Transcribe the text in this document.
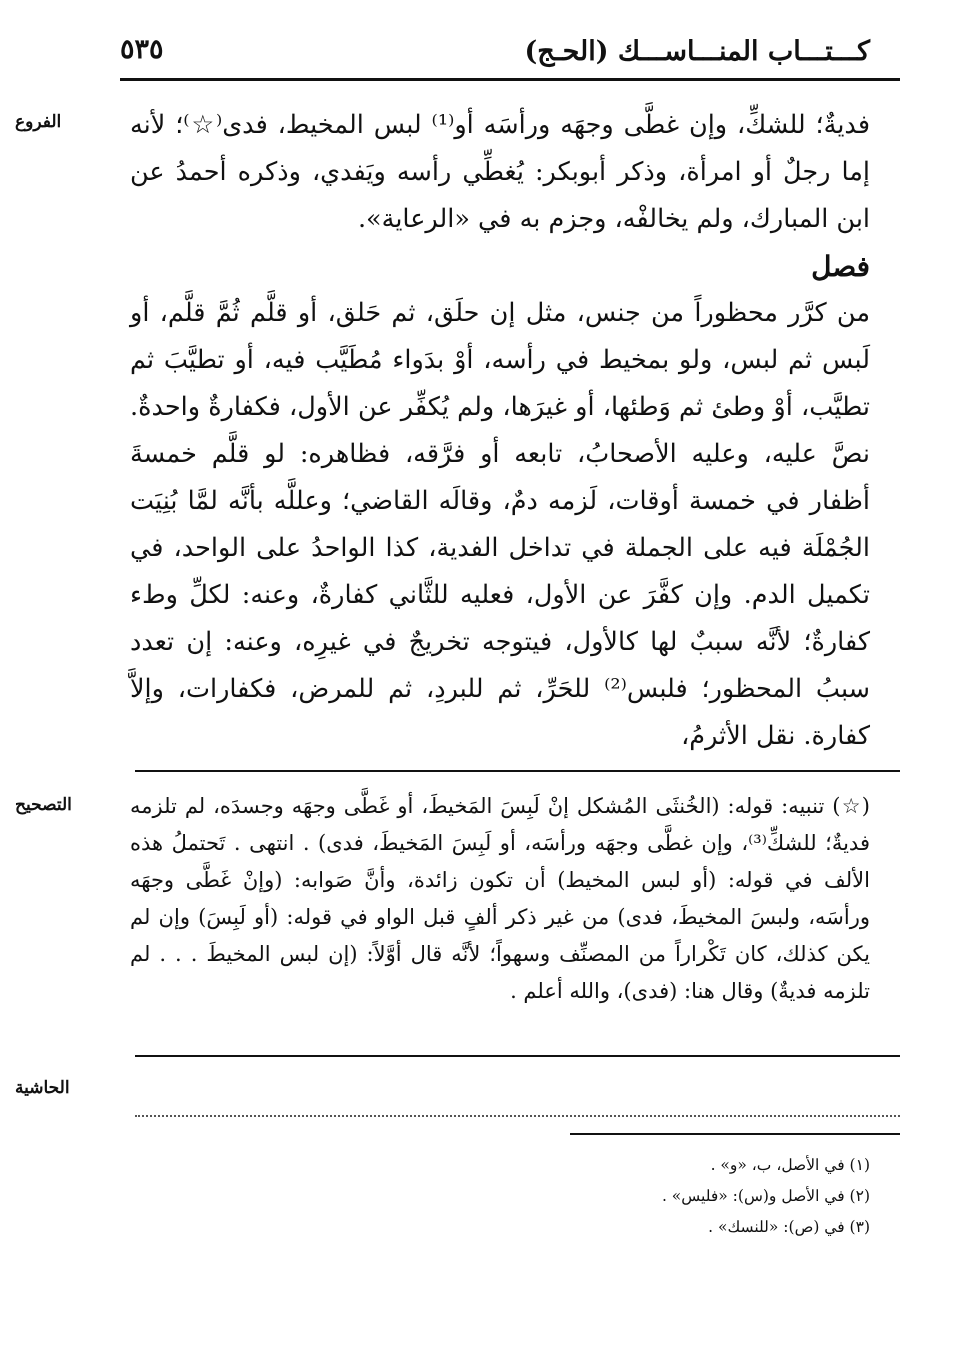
كـــتـــاب المنـــاســـك (الحـج)
٥٣٥
الفروع
التصحيح
الحاشية

فديةٌ؛ للشكِّ، وإن غطَّى وجهَه ورأسَه أو⁽¹⁾ لبس المخيط، فدى⁽☆⁾؛ لأنه إما رجلٌ أو امرأة، وذكر أبوبكر: يُغطِّي رأسه ويَفدي، وذكره أحمدُ عن ابن المبارك، ولم يخالفْه، وجزم به في «الرعاية».

فصل

من كرَّر محظوراً من جنس، مثل إن حلَق، ثم حَلق، أو قلَّم ثُمَّ قلَّم، أو لَبس ثم لبس، ولو بمخيط في رأسه، أوْ بدَواء مُطَيَّب فيه، أو تطيَّبَ ثم تطيَّب، أوْ وطئ ثم وَطئها، أو غيرَها، ولم يُكفِّر عن الأول، فكفارةٌ واحدةٌ. نصَّ عليه، وعليه الأصحابُ، تابعه أو فرَّقه، فظاهره: لو قلَّم خمسةَ أظفار في خمسة أوقات، لَزمه دمٌ، وقالَه القاضي؛ وعللَّه بأنَّه لمَّا بُنِيَت الجُمْلَة فيه على الجملة في تداخل الفدية، كذا الواحدُ على الواحد، في تكميل الدم. وإن كفَّرَ عن الأول، فعليه للثَّاني كفارةٌ، وعنه: لكلِّ وطء كفارةٌ؛ لأنَّه سببٌ لها كالأول، فيتوجه تخريجٌ في غيرِه، وعنه: إن تعدد سببُ المحظور؛ فلبس⁽²⁾ للحَرِّ، ثم للبردِ، ثم للمرض، فكفارات، وإلاَّ كفارة. نقل الأثرمُ،

(☆) تنبيه: قوله: (الخُنثَى المُشكل إنْ لَبِسَ المَخيطَ، أو غَطَّى وجهَه وجسدَه، لم تلزمه فديةٌ؛ للشكِّ⁽³⁾، وإن غطَّى وجهَه ورأسَه، أو لَبِسَ المَخيطَ، فدى) . انتهى . تَحتملُ هذه الألف في قوله: (أو لبس المخيط) أن تكون زائدة، وأنَّ صَوابه: (وإنْ غَطَّى وجهَه ورأسَه، ولبسَ المخيطَ، فدى) من غير ذكر ألفٍ قبل الواو في قوله: (أو لَبِسَ) وإن لم يكن كذلك، كان تَكْراراً من المصنِّف وسهواً؛ لأنَّه قال أوَّلاً: (إن لبس المخيطَ . . . لم تلزمه فديةٌ) وقال هنا: (فدى)، والله أعلم .

(١) في الأصل، ب، «و» .
(٢) في الأصل و(س): «فليس» .
(٣) في (ص): «للنسك» .
